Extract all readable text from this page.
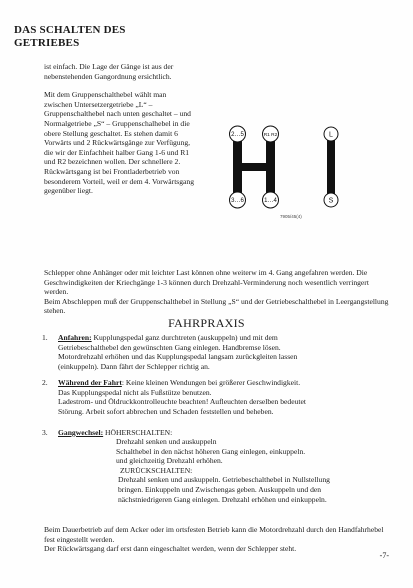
DAS SCHALTEN DES
GETRIEBES

ist einfach. Die Lage der Gänge ist aus der nebenstehenden Gangordnung ersichtlich.

Mit dem Gruppenschalthebel wählt man zwischen Untersetzergetriebe „L“ – Gruppenschalthebel nach unten geschaltet – und Normalgetriebe „S“ – Gruppenschalhebel in die obere Stellung geschaltet. Es stehen damit 6 Vorwärts und 2 Rückwärtsgänge zur Verfügung, die wir der Einfachheit halber Gang 1-6 und R1 und R2 bezeichnen wollen. Der schnellere 2. Rückwärtsgang ist bei Frontladerbetrieb von besonderem Vorteil, weil er dem 4. Vorwärtsgang gegenüber liegt.

2…5	R1 R2
3…6	1…4
L
S
7905/45(4)

Schlepper ohne Anhänger oder mit leichter Last können ohne weiterw im 4. Gang angefahren werden. Die Geschwindigkeiten der Kriechgänge 1-3 können durch Drehzahl-Verminderung noch wesentlich verringert werden.

Beim Abschleppen muß der Gruppenschalthebel in Stellung „S“ und der Getriebeschalthebel in Leergangstellung stehen.

FAHRPRAXIS
1.	Anfahren: Kupplungspedal ganz durchtreten (auskuppeln) und mit dem

Getriebeschalthebel den gewünschten Gang einlegen. Handbremse lösen.

Motordrehzahl erhöhen und das Kupplungspedal langsam zurückgleiten lassen

(einkuppeln). Dann fährt der Schlepper richtig an.

2.	Während der Fahrt: Keine kleinen Wendungen bei größerer Geschwindigkeit.

Das Kupplungspedal nicht als Fußstütze benutzen.

Ladestrom- und Öldruckkontrolleuchte beachten! Aufleuchten derselben bedeutet

Störung. Arbeit sofort abbrechen und Schaden feststellen und beheben.

3.	Gangwechsel: HÖHERSCHALTEN:

Drehzahl senken und auskuppeln

Schalthebel in den nächst höheren Gang einlegen, einkuppeln.

und gleichzeitig Drehzahl erhöhen.

ZURÜCKSCHALTEN:

Drehzahl senken und auskuppeln. Getriebeschalthebel in Nullstellung

bringen. Einkuppeln und Zwischengas geben. Auskuppeln und den

nächstniedrigeren Gang einlegen. Drehzahl erhöhen und einkuppeln.

Beim Dauerbetrieb auf dem Acker oder im ortsfesten Betrieb kann die Motordrehzahl durch den Handfahrhebel fest eingestellt werden.

Der Rückwärtsgang darf erst dann eingeschaltet werden, wenn der Schlepper steht.

-7-
